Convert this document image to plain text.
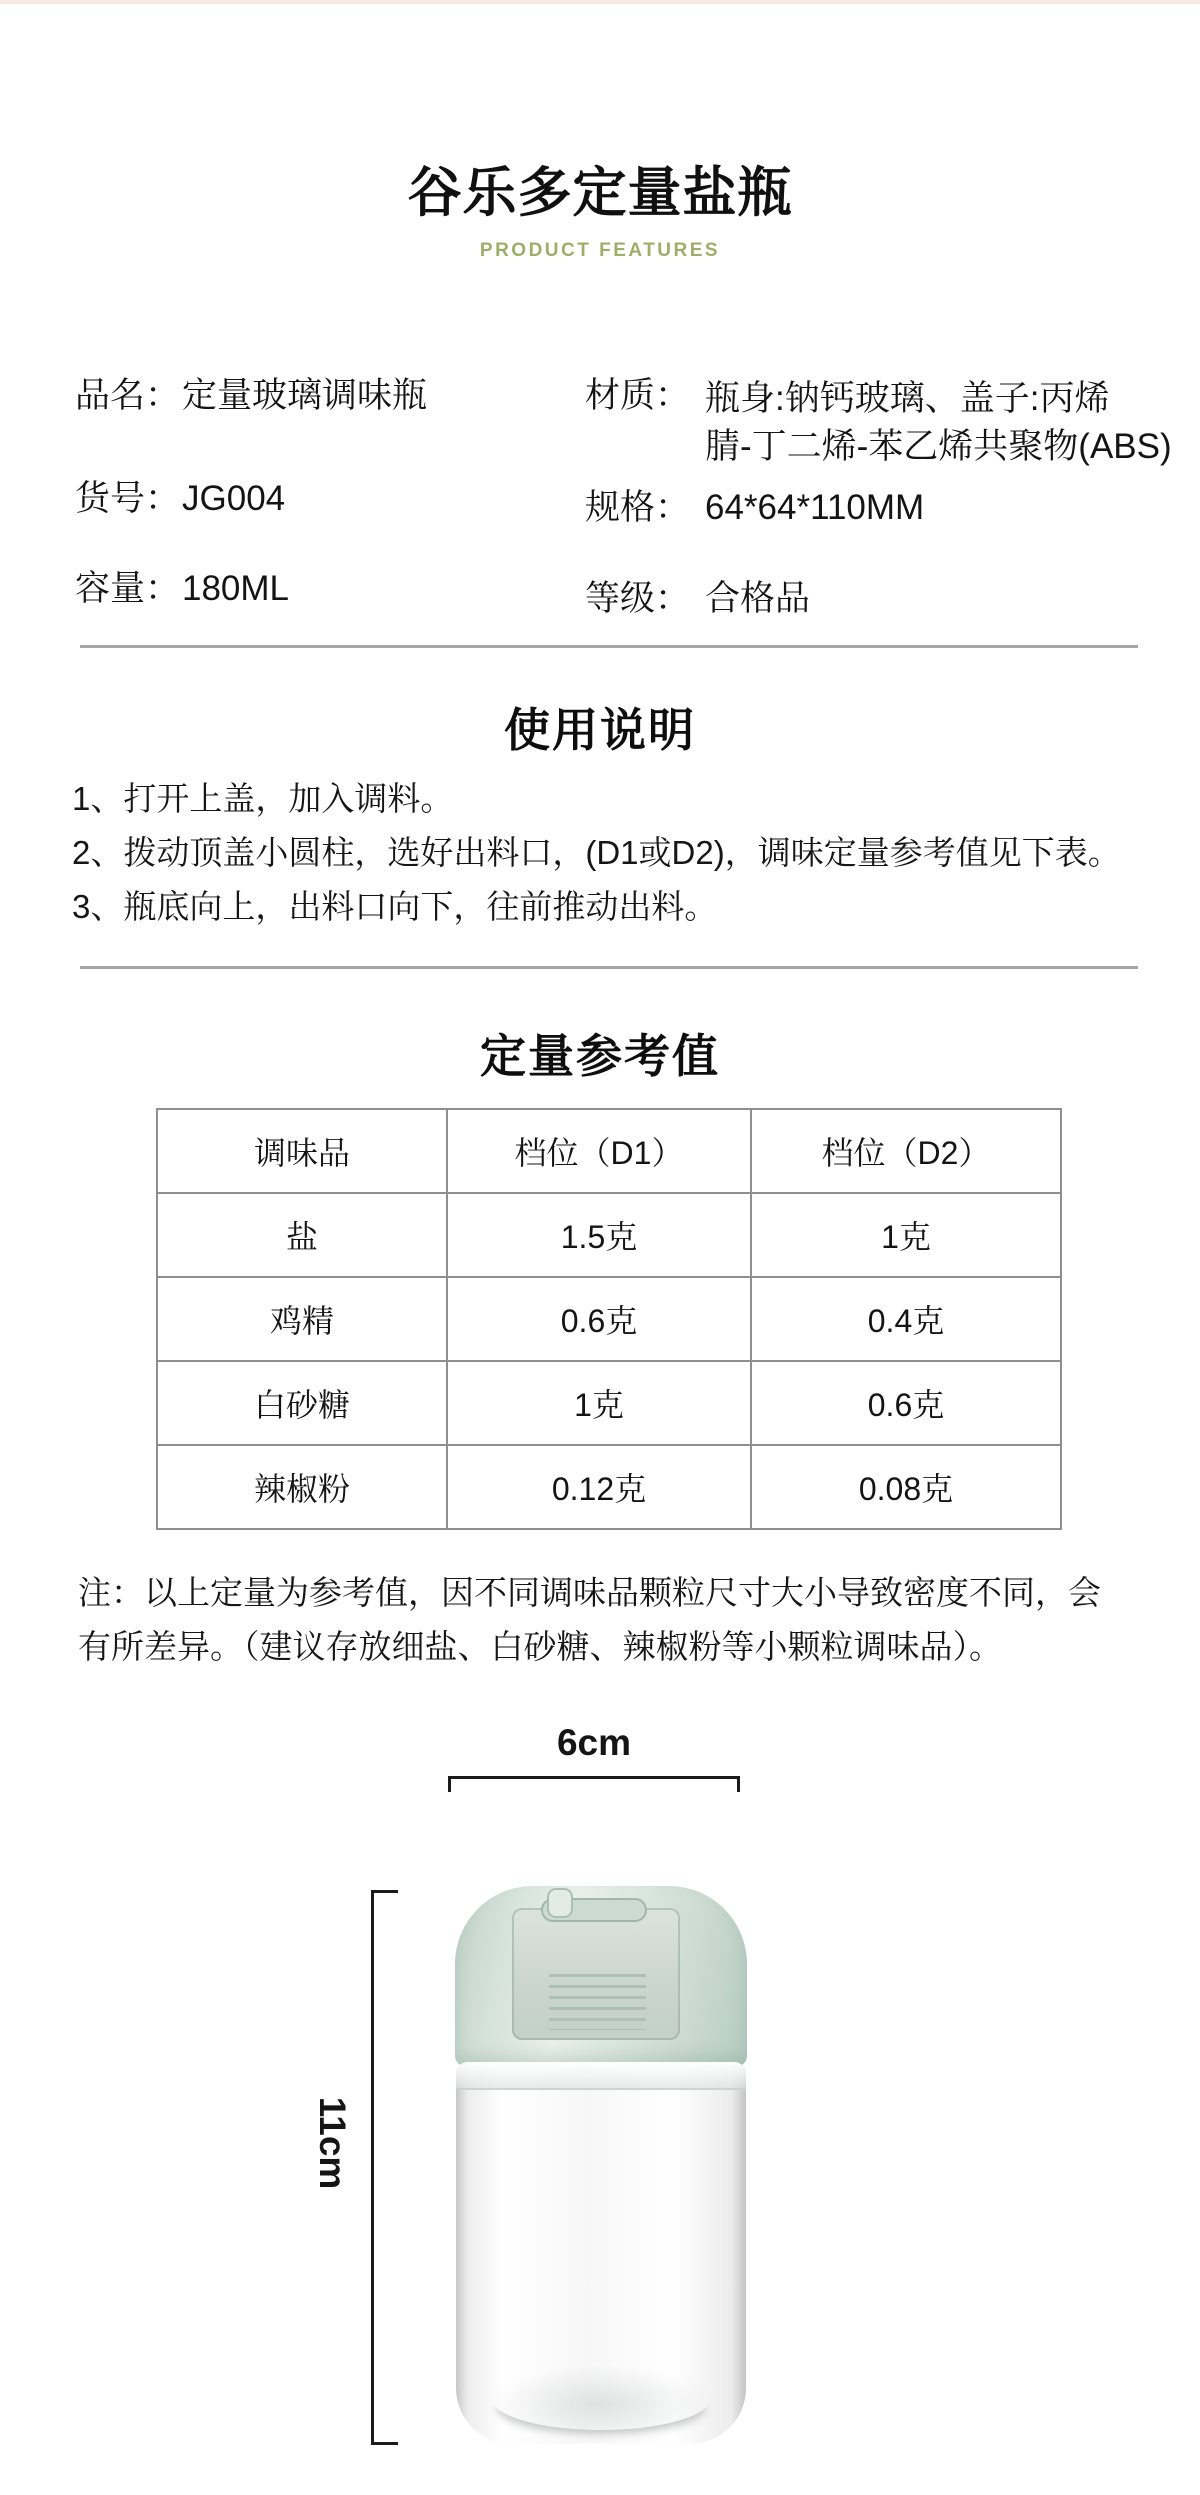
谷乐多定量盐瓶
PRODUCT FEATURES
品名： 定量玻璃调味瓶
货号： JG004
容量： 180ML
材质： 瓶身:钠钙玻璃、盖子:丙烯
腈-丁二烯-苯乙烯共聚物(ABS)
规格： 64*64*110MM
等级： 合格品
使用说明
1、打开上盖，加入调料。
2、拨动顶盖小圆柱，选好出料口，(D1或D2)，调味定量参考值见下表。
3、瓶底向上，出料口向下，往前推动出料。
定量参考值
调味品	档位（D1）	档位（D2）
盐	1.5克	1克
鸡精	0.6克	0.4克
白砂糖	1克	0.6克
辣椒粉	0.12克	0.08克
注：以上定量为参考值，因不同调味品颗粒尺寸大小导致密度不同，会
有所差异。（建议存放细盐、白砂糖、辣椒粉等小颗粒调味品）。
6cm
11cm
